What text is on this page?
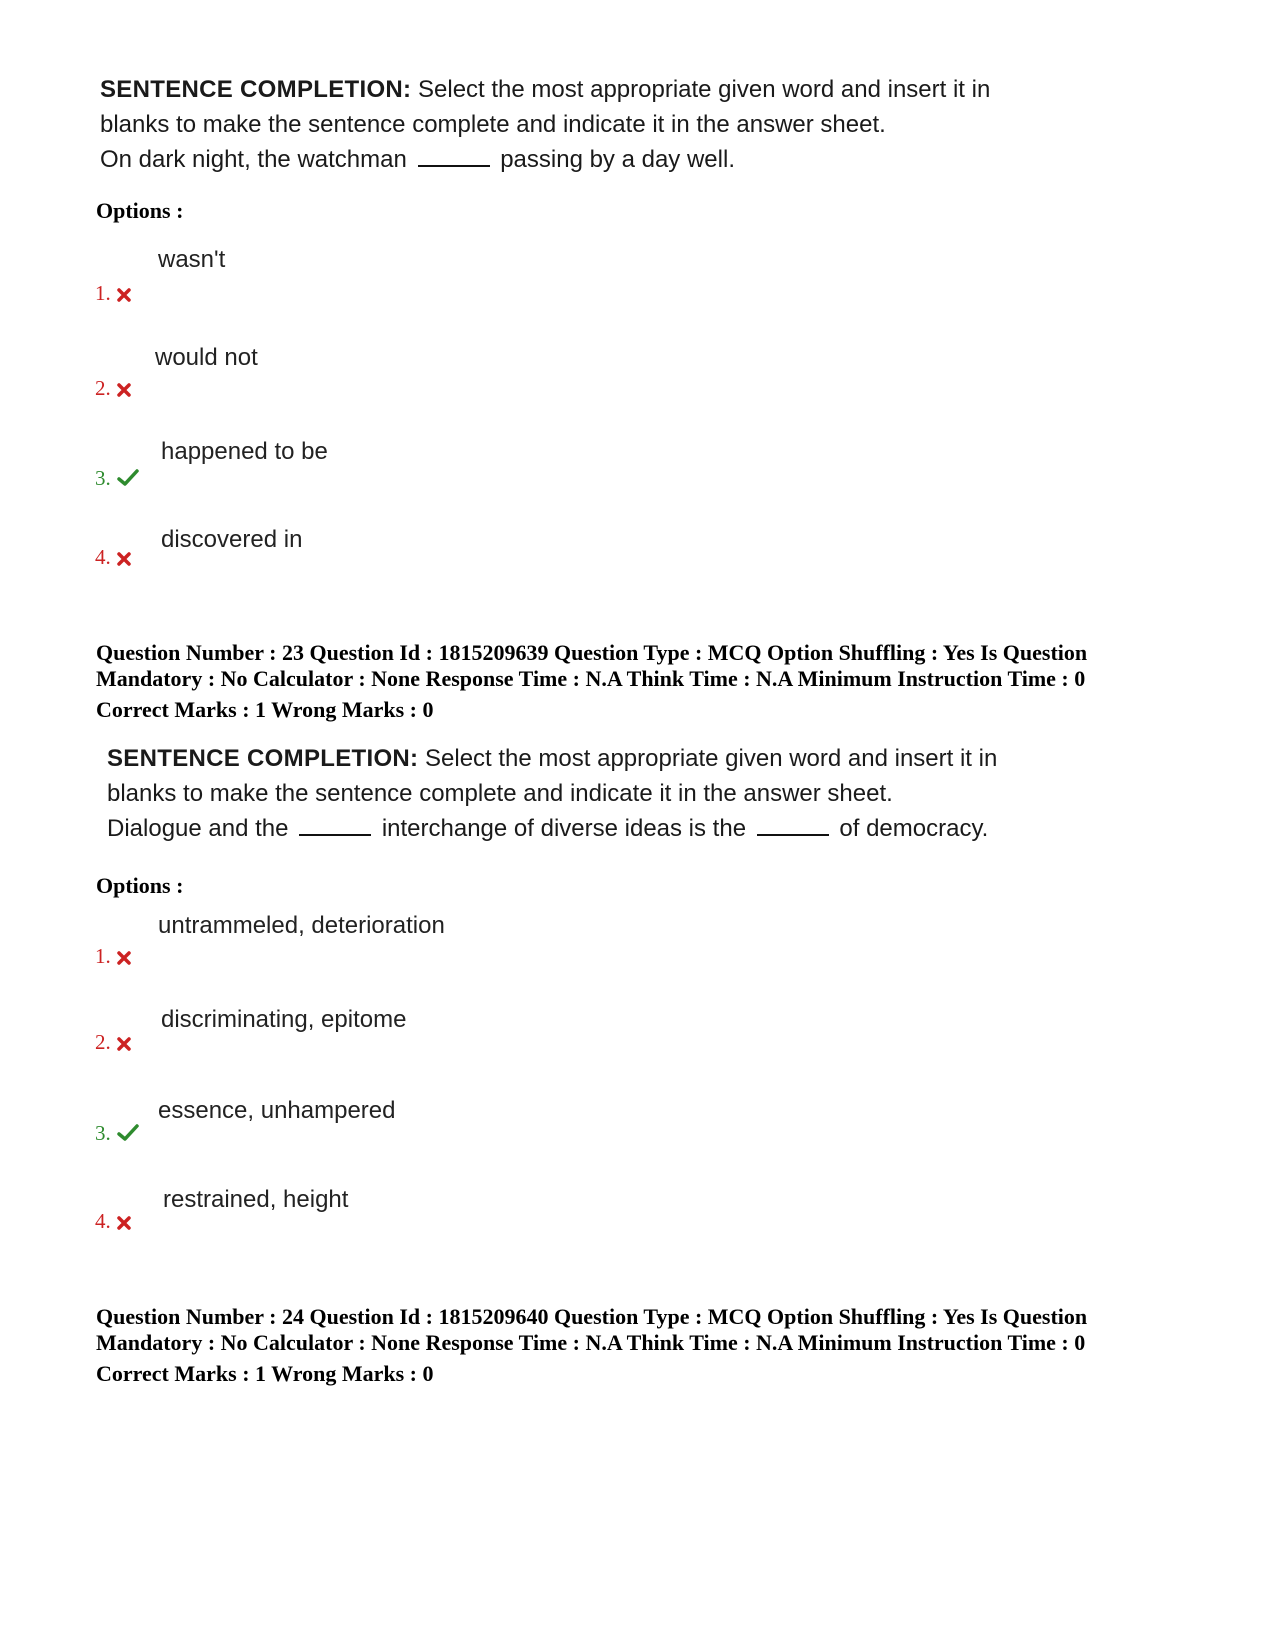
SENTENCE COMPLETION: Select the most appropriate given word and insert it in
blanks to make the sentence complete and indicate it in the answer sheet.
On dark night, the watchman	passing by a day well.
Options :
wasn't
1.
would not
2.
happened to be
3.
discovered in
4.
Question Number : 23 Question Id : 1815209639 Question Type : MCQ Option Shuffling : Yes Is Question
Mandatory : No Calculator : None Response Time : N.A Think Time : N.A Minimum Instruction Time : 0
Correct Marks : 1 Wrong Marks : 0
SENTENCE COMPLETION: Select the most appropriate given word and insert it in
blanks to make the sentence complete and indicate it in the answer sheet.
Dialogue and the	interchange of diverse ideas is the	of democracy.
Options :
untrammeled, deterioration
1.
discriminating, epitome
2.
essence, unhampered
3.
restrained, height
4.
Question Number : 24 Question Id : 1815209640 Question Type : MCQ Option Shuffling : Yes Is Question
Mandatory : No Calculator : None Response Time : N.A Think Time : N.A Minimum Instruction Time : 0
Correct Marks : 1 Wrong Marks : 0
